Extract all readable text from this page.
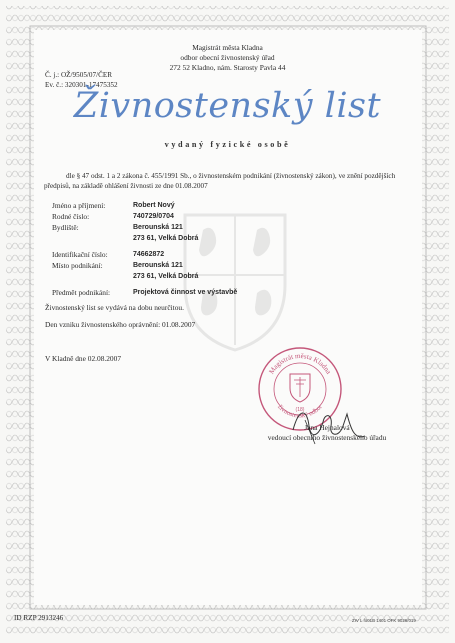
Magistrát města Kladna
odbor obecní živnostenský úřad
272 52 Kladno, nám. Starosty Pavla 44
Č. j.: OŽ/9505/07/ČER
Ev. č.: 320301-17475352
Živnostenský list
vydaný fyzické osobě

dle § 47 odst. 1 a 2 zákona č. 455/1991 Sb., o živnostenském podnikání (živnostenský zákon), ve znění pozdějších předpisů, na základě ohlášení živnosti ze dne 01.08.2007

Jméno a příjmení:	Robert Nový
Rodné číslo:	740729/0704
Bydliště:	Berounská 121
273 61, Velká Dobrá
Identifikační číslo:	74662872
Místo podnikání:	Berounská 121
273 61, Velká Dobrá
Předmět podnikání:	Projektová činnost ve výstavbě
Živnostenský list se vydává na dobu neurčitou.
Den vzniku živnostenského oprávnění: 01.08.2007
V Kladně dne 02.08.2007
Magistrát města Kladna
živnostenský odbor
(18)
Jana Hejnalová
vedoucí obecního živnostenského úřadu
ID RZP 2913246	ZIV L fo01B 1401 OFK 9026/019
